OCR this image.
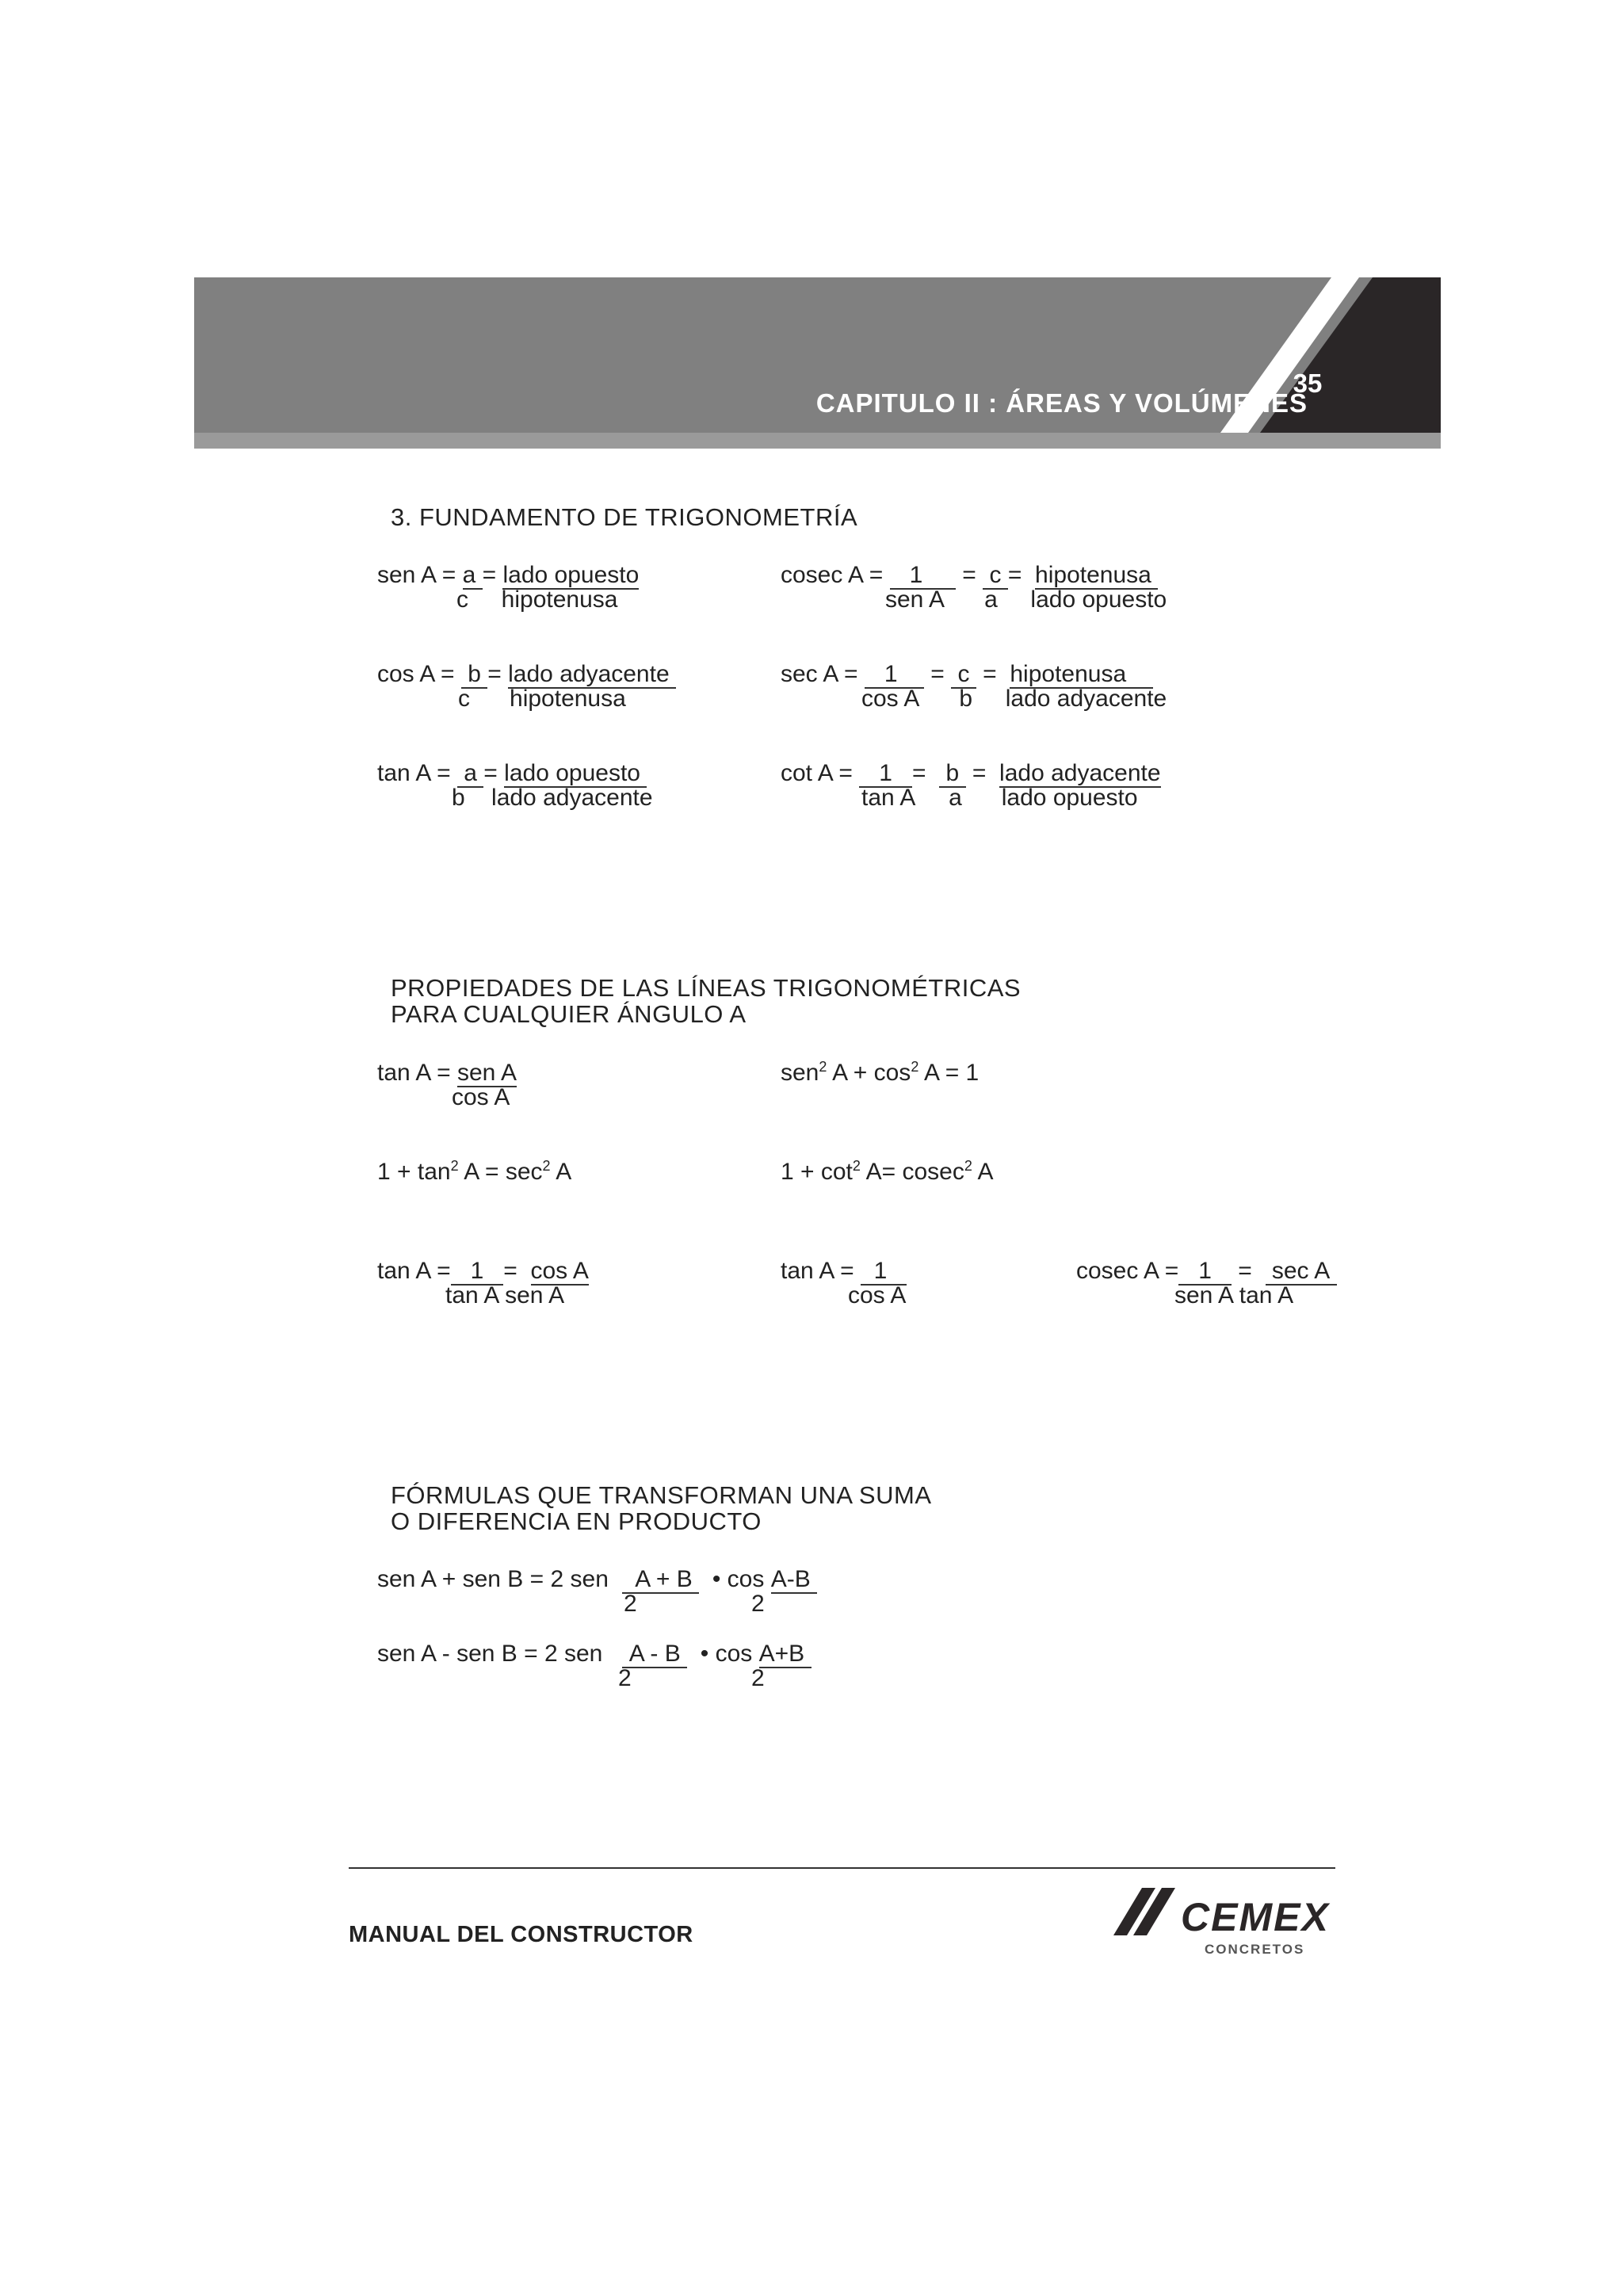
CAPITULO II : ÁREAS Y VOLÚMENES
35
3. FUNDAMENTO DE TRIGONOMETRÍA
sen A = a = lado opuesto
c     hipotenusa
cosec A =    1      =  c =  hipotenusa
sen A      a     lado opuesto
cos A =  b = lado adyacente
c      hipotenusa
sec A =    1     =  c  =  hipotenusa
cos A      b     lado adyacente
tan A =  a = lado opuesto
b    lado adyacente
cot A =    1   =   b  =  lado adyacente
tan A     a      lado opuesto
PROPIEDADES DE LAS LÍNEAS TRIGONOMÉTRICAS
PARA CUALQUIER ÁNGULO A
tan A = sen A
cos A
sen$^2$ $A + \cos^2 A = 1$
$1 + \tan^2 A = \sec^2 A$	$1 + \cot^2 A= cosec^2$ A
tan A =   1   =  cos A
tan A sen A
tan A =   1
cos A
cosec A =   1    =   sec A
sen A tan A
FÓRMULAS QUE TRANSFORMAN UNA SUMA
O DIFERENCIA EN PRODUCTO
sen A + sen B = 2 sen A + B • cos A-B
2	2
sen A - sen B = 2 sen A - B • cos A+B
2	2
MANUAL DEL CONSTRUCTOR	CEMEX
CONCRETOS
